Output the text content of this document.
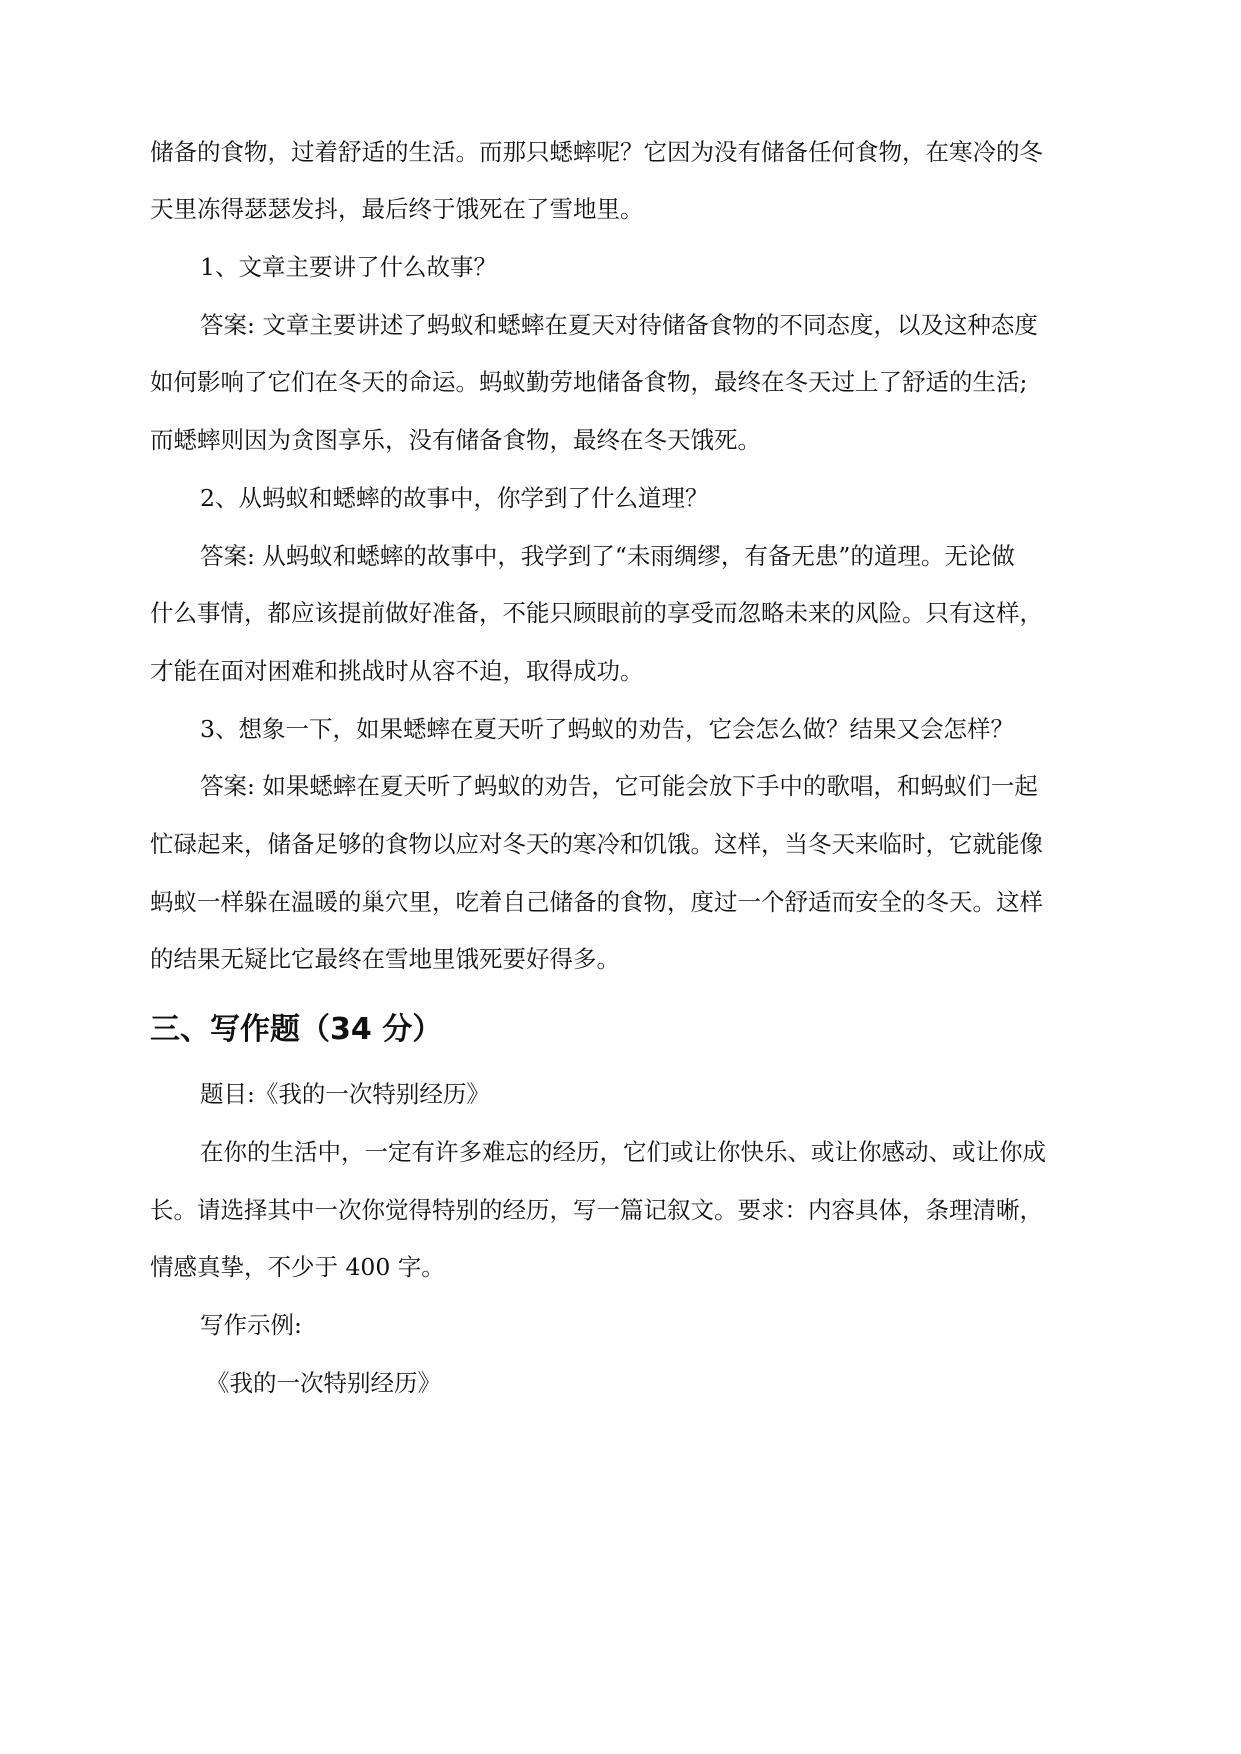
储备的食物，过着舒适的生活。而那只蟋蟀呢？它因为没有储备任何食物，在寒冷的冬
天里冻得瑟瑟发抖，最后终于饿死在了雪地里。
1、文章主要讲了什么故事？
答案: 文章主要讲述了蚂蚁和蟋蟀在夏天对待储备食物的不同态度，以及这种态度
如何影响了它们在冬天的命运。蚂蚁勤劳地储备食物，最终在冬天过上了舒适的生活;
而蟋蟀则因为贪图享乐，没有储备食物，最终在冬天饿死。
2、从蚂蚁和蟋蟀的故事中，你学到了什么道理？
答案: 从蚂蚁和蟋蟀的故事中，我学到了“未雨绸缪，有备无患”的道理。无论做
什么事情，都应该提前做好准备，不能只顾眼前的享受而忽略未来的风险。只有这样，
才能在面对困难和挑战时从容不迫，取得成功。
3、想象一下，如果蟋蟀在夏天听了蚂蚁的劝告，它会怎么做？结果又会怎样？
答案: 如果蟋蟀在夏天听了蚂蚁的劝告，它可能会放下手中的歌唱，和蚂蚁们一起
忙碌起来，储备足够的食物以应对冬天的寒冷和饥饿。这样，当冬天来临时，它就能像
蚂蚁一样躲在温暖的巢穴里，吃着自己储备的食物，度过一个舒适而安全的冬天。这样
的结果无疑比它最终在雪地里饿死要好得多。
三、写作题（34 分）
题目:《我的一次特别经历》
在你的生活中，一定有许多难忘的经历，它们或让你快乐、或让你感动、或让你成
长。请选择其中一次你觉得特别的经历，写一篇记叙文。要求：内容具体，条理清晰，
情感真挚，不少于 400 字。
写作示例:
《我的一次特别经历》
